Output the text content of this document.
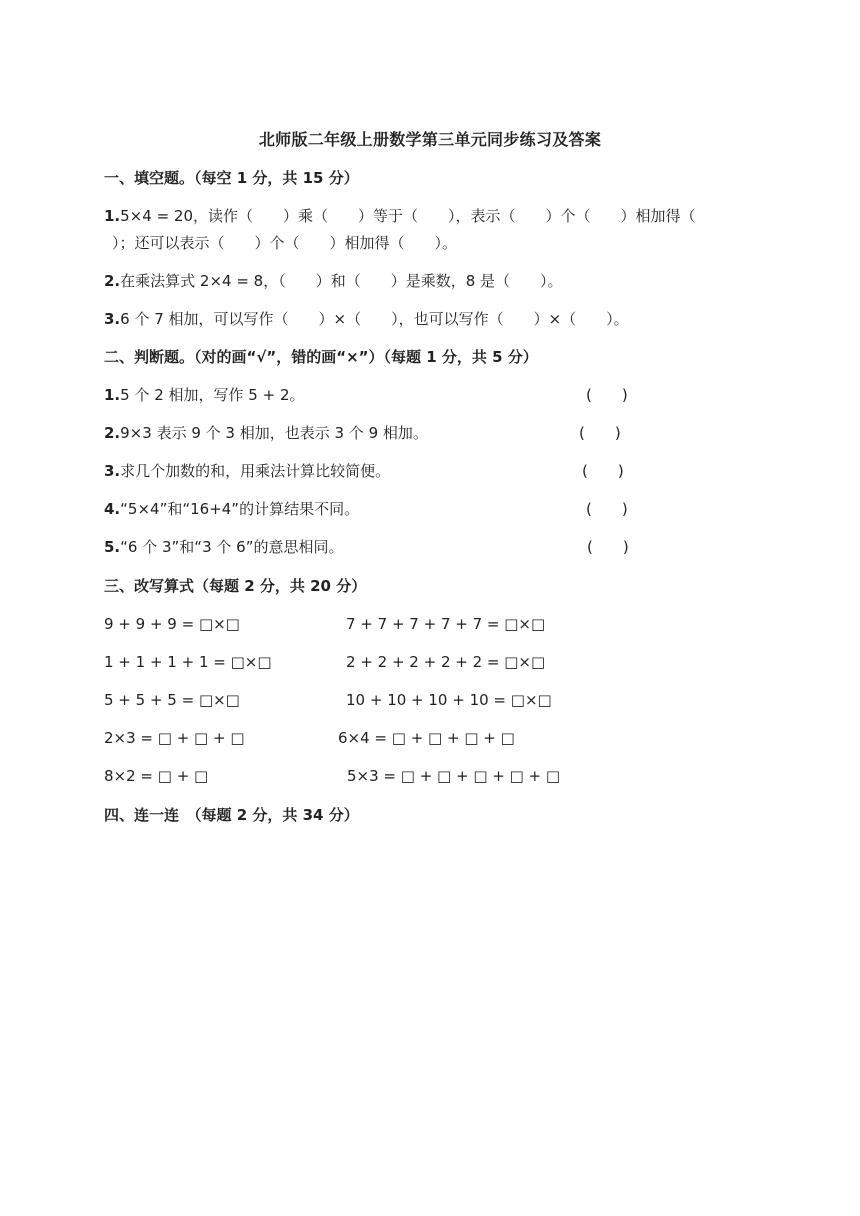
北师版二年级上册数学第三单元同步练习及答案
一、填空题。（每空 1 分，共 15 分）
1.5×4 = 20，读作（　　）乘（　　）等于（　　），表示（　　）个（　　）相加得（
）；还可以表示（　　）个（　　）相加得（　　）。
2.在乘法算式 2×4 = 8，（　　）和（　　）是乘数，8 是（　　）。
3.6 个 7 相加，可以写作（　　）×（　　），也可以写作（　　）×（　　）。
二、判断题。（对的画“√”，错的画“×”）（每题 1 分，共 5 分）
1.5 个 2 相加，写作 5 + 2。	(　　)
2.9×3 表示 9 个 3 相加，也表示 3 个 9 相加。	(　　)
3.求几个加数的和，用乘法计算比较简便。	(　　)
4.“5×4”和“16+4”的计算结果不同。	(　　)
5.“6 个 3”和“3 个 6”的意思相同。	(　　)
三、改写算式（每题 2 分，共 20 分）
9 + 9 + 9 = □×□	7 + 7 + 7 + 7 + 7 = □×□
1 + 1 + 1 + 1 = □×□	2 + 2 + 2 + 2 + 2 = □×□
5 + 5 + 5 = □×□	10 + 10 + 10 + 10 = □×□
2×3 = □ + □ + □	6×4 = □ + □ + □ + □
8×2 = □ + □	5×3 = □ + □ + □ + □ + □
四、连一连　（每题 2 分，共 34 分）
